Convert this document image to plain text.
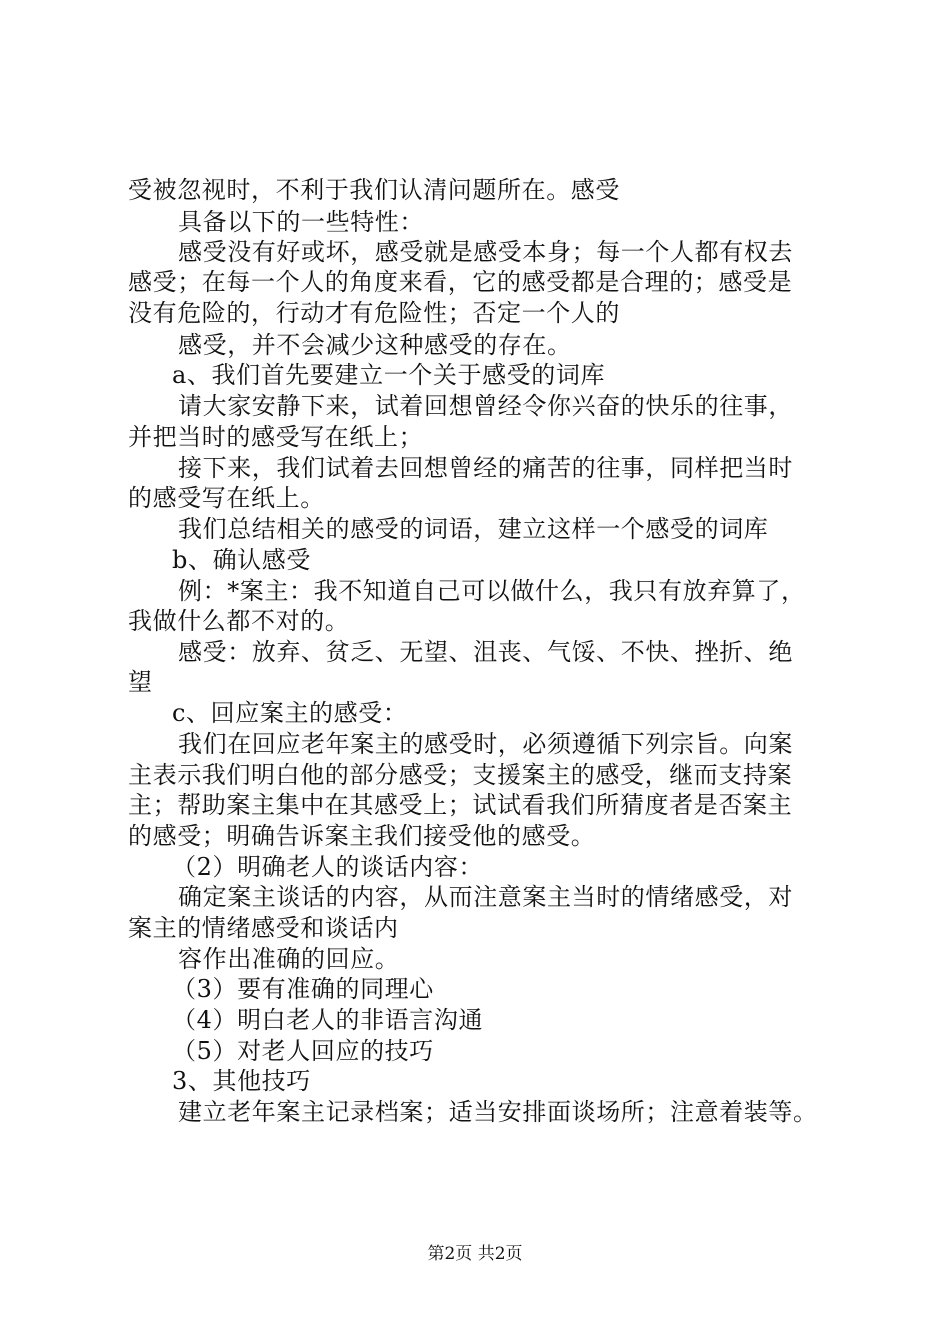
受被忽视时，不利于我们认清问题所在。感受
具备以下的一些特性：
感受没有好或坏，感受就是感受本身；每一个人都有权去
感受；在每一个人的角度来看，它的感受都是合理的；感受是
没有危险的，行动才有危险性；否定一个人的
感受，并不会减少这种感受的存在。
a、我们首先要建立一个关于感受的词库
请大家安静下来，试着回想曾经令你兴奋的快乐的往事，
并把当时的感受写在纸上；
接下来，我们试着去回想曾经的痛苦的往事，同样把当时
的感受写在纸上。
我们总结相关的感受的词语，建立这样一个感受的词库
b、确认感受
例：*案主：我不知道自己可以做什么，我只有放弃算了，
我做什么都不对的。
感受：放弃、贫乏、无望、沮丧、气馁、不快、挫折、绝
望
c、回应案主的感受：
我们在回应老年案主的感受时，必须遵循下列宗旨。向案
主表示我们明白他的部分感受；支援案主的感受，继而支持案
主；帮助案主集中在其感受上；试试看我们所猜度者是否案主
的感受；明确告诉案主我们接受他的感受。
（2）明确老人的谈话内容：
确定案主谈话的内容，从而注意案主当时的情绪感受，对
案主的情绪感受和谈话内
容作出准确的回应。
（3）要有准确的同理心
（4）明白老人的非语言沟通
（5）对老人回应的技巧
3、其他技巧
建立老年案主记录档案；适当安排面谈场所；注意着装等。
第2页 共2页
